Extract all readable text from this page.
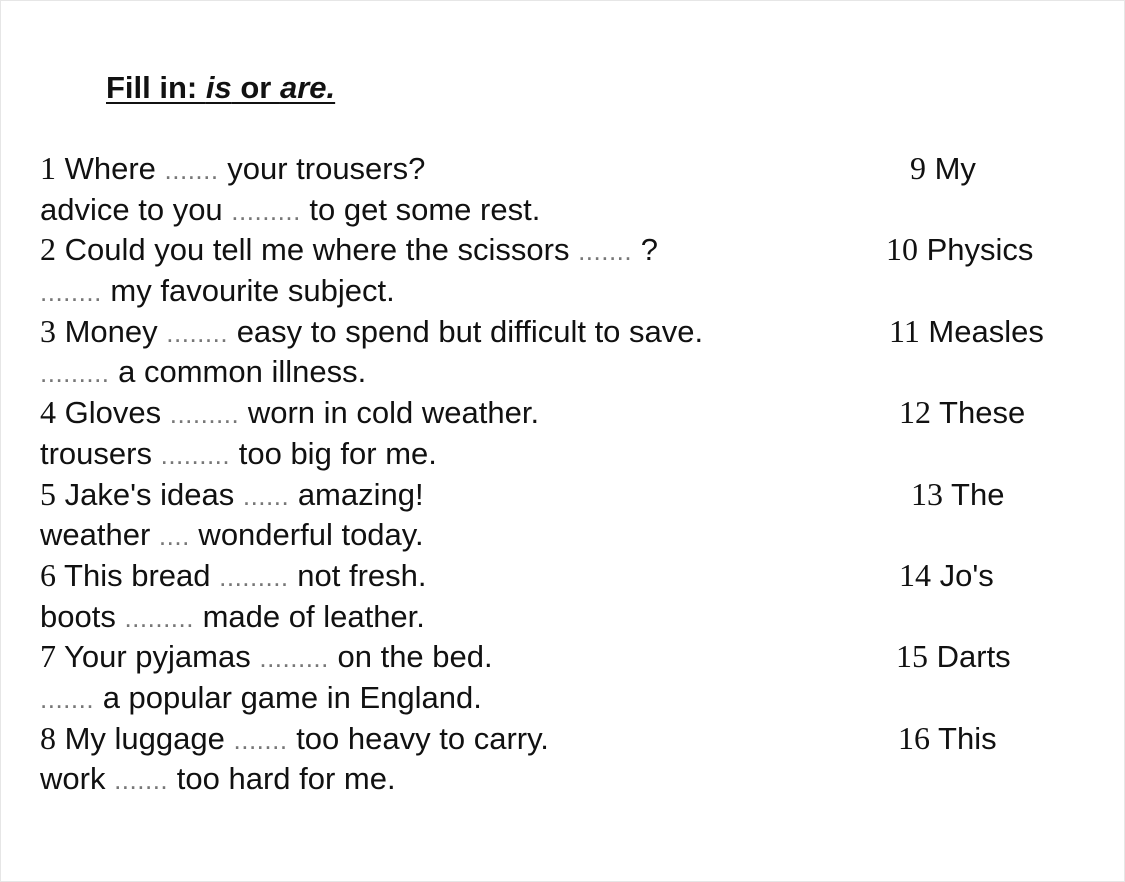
Fill in: is or are.
1 Where ....... your trousers?	9 My
advice to you ......... to get some rest.
2 Could you tell me where the scissors ....... ?	10 Physics
........ my favourite subject.
3 Money ........ easy to spend but difficult to save.	11 Measles
......... a common illness.
4 Gloves ......... worn in cold weather.	12 These
trousers ......... too big for me.
5 Jake's ideas ...... amazing!	13 The
weather .... wonderful today.
6 This bread ......... not fresh.	14 Jo's
boots ......... made of leather.
7 Your pyjamas ......... on the bed.	15 Darts
....... a popular game in England.
8 My luggage ....... too heavy to carry.	16 This
work ....... too hard for me.
